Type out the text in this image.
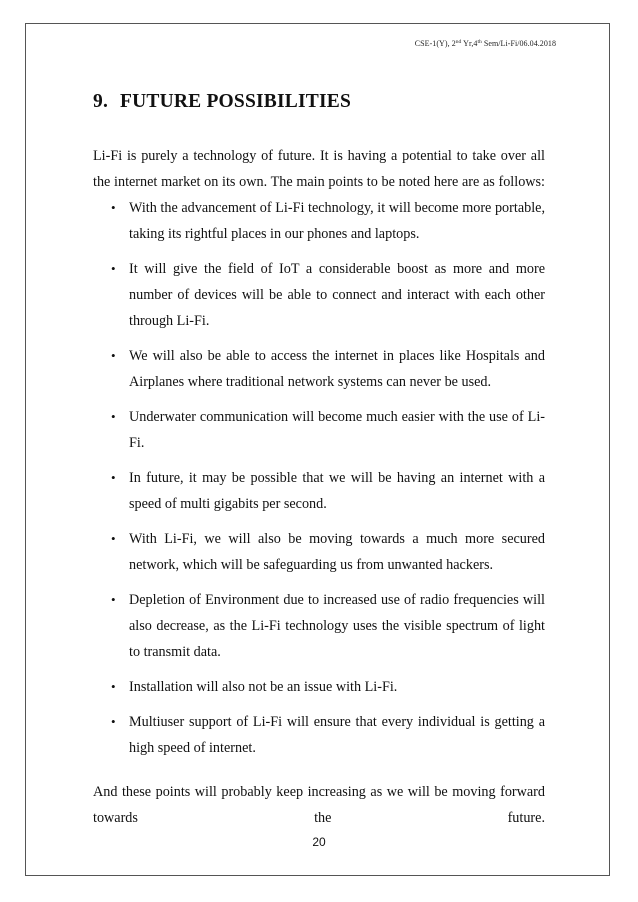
CSE-1(Y), 2nd Yr,4th Sem/Li-Fi/06.04.2018
9. FUTURE POSSIBILITIES

Li-Fi is purely a technology of future. It is having a potential to take over all the internet market on its own. The main points to be noted here are as follows:

• With the advancement of Li-Fi technology, it will become more portable, taking its rightful places in our phones and laptops.
• It will give the field of IoT a considerable boost as more and more number of devices will be able to connect and interact with each other through Li-Fi.
• We will also be able to access the internet in places like Hospitals and Airplanes where traditional network systems can never be used.
• Underwater communication will become much easier with the use of Li-Fi.
• In future, it may be possible that we will be having an internet with a speed of multi gigabits per second.
• With Li-Fi, we will also be moving towards a much more secured network, which will be safeguarding us from unwanted hackers.
• Depletion of Environment due to increased use of radio frequencies will also decrease, as the Li-Fi technology uses the visible spectrum of light to transmit data.
• Installation will also not be an issue with Li-Fi.
• Multiuser support of Li-Fi will ensure that every individual is getting a high speed of internet.

And these points will probably keep increasing as we will be moving forward towards the future.

20
